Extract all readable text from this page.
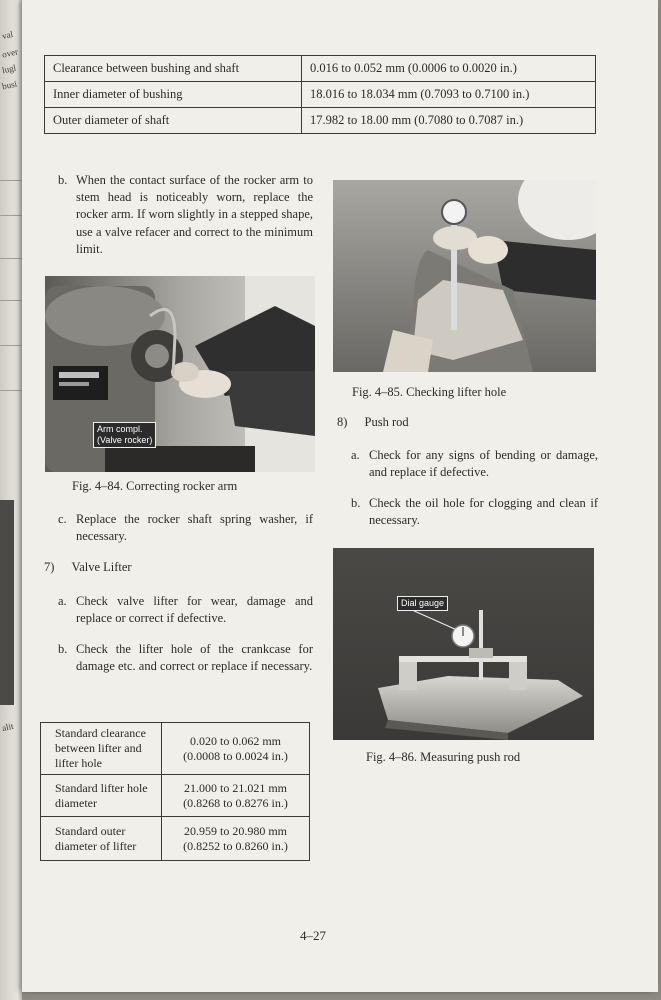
val
over
lugl
busi
alit
Clearance between bushing and shaft	0.016 to 0.052 mm (0.0006 to 0.0020 in.)
Inner diameter of bushing	18.016 to 18.034 mm (0.7093 to 0.7100 in.)
Outer diameter of shaft	17.982 to 18.00 mm (0.7080 to 0.7087 in.)
b. When the contact surface of the rocker arm to stem head is noticeably worn, replace the rocker arm. If worn slightly in a stepped shape, use a valve refacer and correct to the minimum limit.
Arm compl.
(Valve rocker)
Fig. 4–84. Correcting rocker arm
c. Replace the rocker shaft spring washer, if necessary.
7) Valve Lifter
a. Check valve lifter for wear, damage and replace or correct if defective.
b. Check the lifter hole of the crankcase for damage etc. and correct or replace if necessary.
Standard clearance between lifter and lifter hole	0.020 to 0.062 mm
(0.0008 to 0.0024 in.)
Standard lifter hole diameter	21.000 to 21.021 mm
(0.8268 to 0.8276 in.)
Standard outer diameter of lifter	20.959 to 20.980 mm
(0.8252 to 0.8260 in.)
Fig. 4–85. Checking lifter hole
8) Push rod
a. Check for any signs of bending or damage, and replace if defective.
b. Check the oil hole for clogging and clean if necessary.
Dial gauge
Fig. 4–86. Measuring push rod
4–27
